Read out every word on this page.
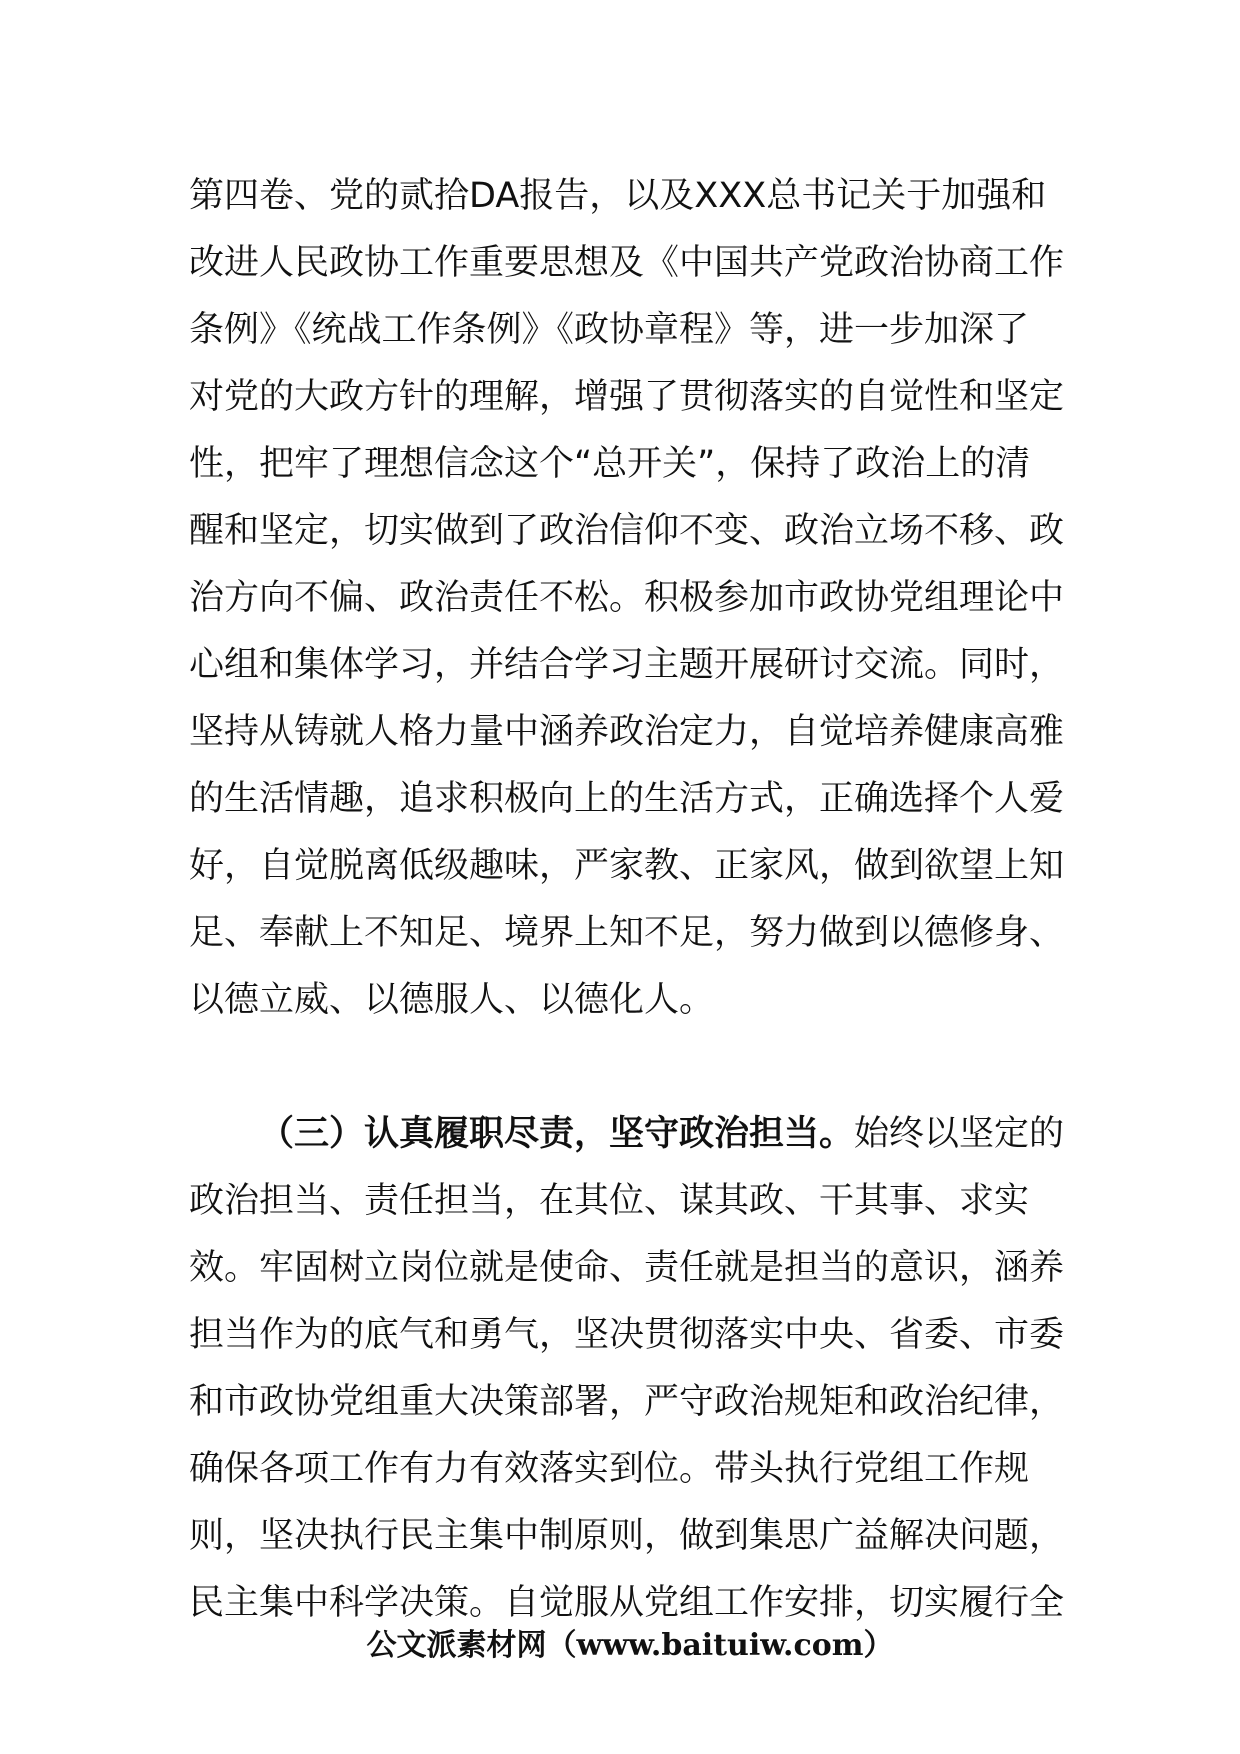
第四卷、党的贰拾DA报告，以及XXX总书记关于加强和
改进人民政协工作重要思想及《中国共产党政治协商工作
条例》《统战工作条例》《政协章程》等，进一步加深了
对党的大政方针的理解，增强了贯彻落实的自觉性和坚定
性，把牢了理想信念这个“总开关”，保持了政治上的清
醒和坚定，切实做到了政治信仰不变、政治立场不移、政
治方向不偏、政治责任不松。积极参加市政协党组理论中
心组和集体学习，并结合学习主题开展研讨交流。同时，
坚持从铸就人格力量中涵养政治定力，自觉培养健康高雅
的生活情趣，追求积极向上的生活方式，正确选择个人爱
好，自觉脱离低级趣味，严家教、正家风，做到欲望上知
足、奉献上不知足、境界上知不足，努力做到以德修身、
以德立威、以德服人、以德化人。
（三）认真履职尽责，坚守政治担当。始终以坚定的
政治担当、责任担当，在其位、谋其政、干其事、求实
效。牢固树立岗位就是使命、责任就是担当的意识，涵养
担当作为的底气和勇气，坚决贯彻落实中央、省委、市委
和市政协党组重大决策部署，严守政治规矩和政治纪律，
确保各项工作有力有效落实到位。带头执行党组工作规
则，坚决执行民主集中制原则，做到集思广益解决问题，
民主集中科学决策。自觉服从党组工作安排，切实履行全
公文派素材网（www.baituiw.com）
